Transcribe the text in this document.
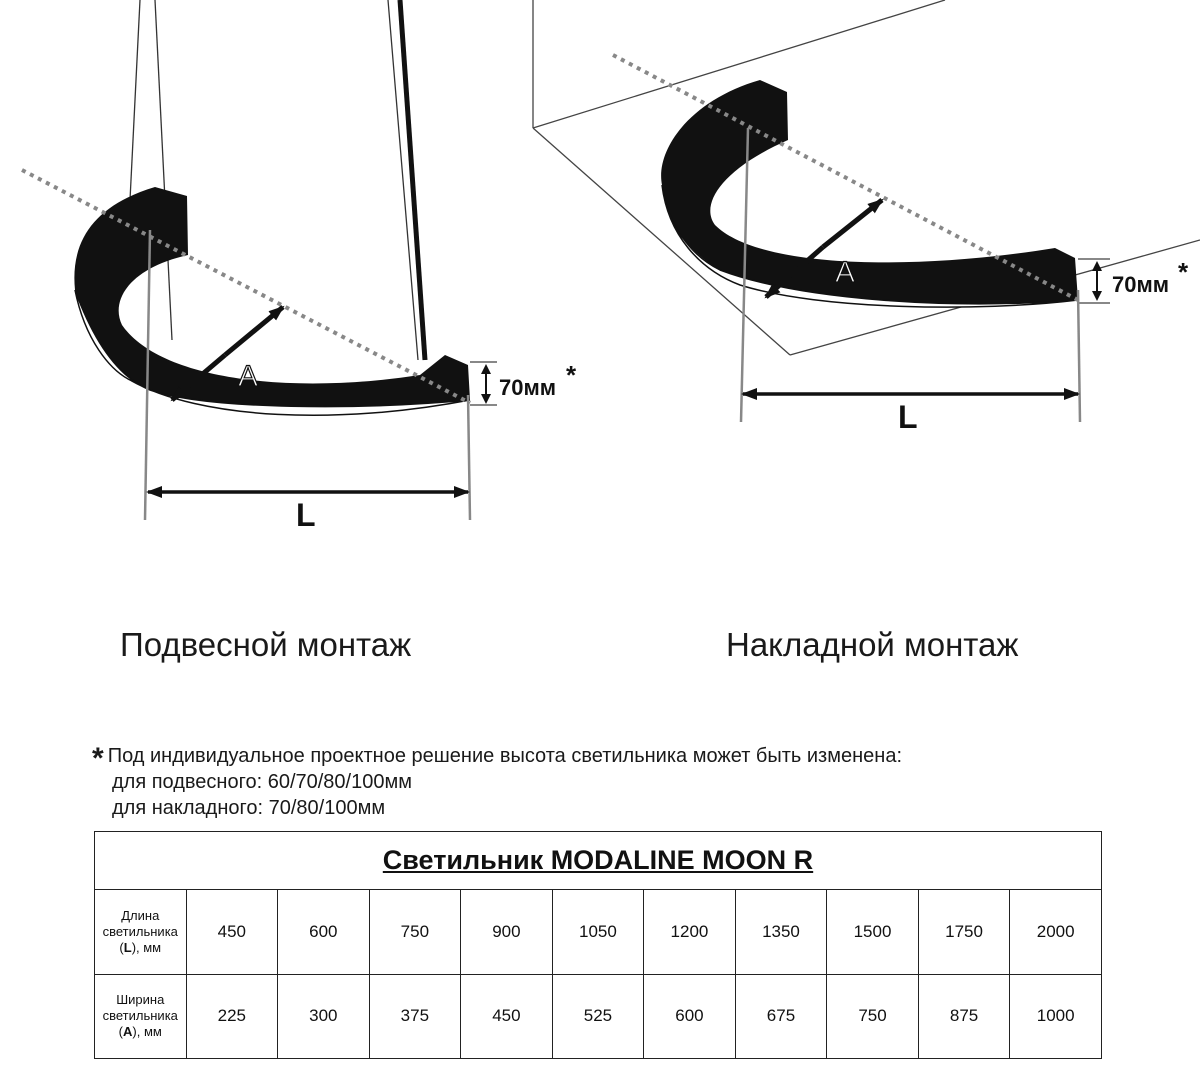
70мм *
A
L
70мм *
A
L
Подвесной монтаж	Накладной монтаж
* Под индивидуальное проектное решение высота светильника может быть изменена:
для подвесного: 60/70/80/100мм
для накладного: 70/80/100мм
Светильник MODALINE MOON R										
Длина светильника (L), мм	450	600	750	900	1050	1200	1350	1500	1750	2000
Ширина светильника (A), мм	225	300	375	450	525	600	675	750	875	1000
